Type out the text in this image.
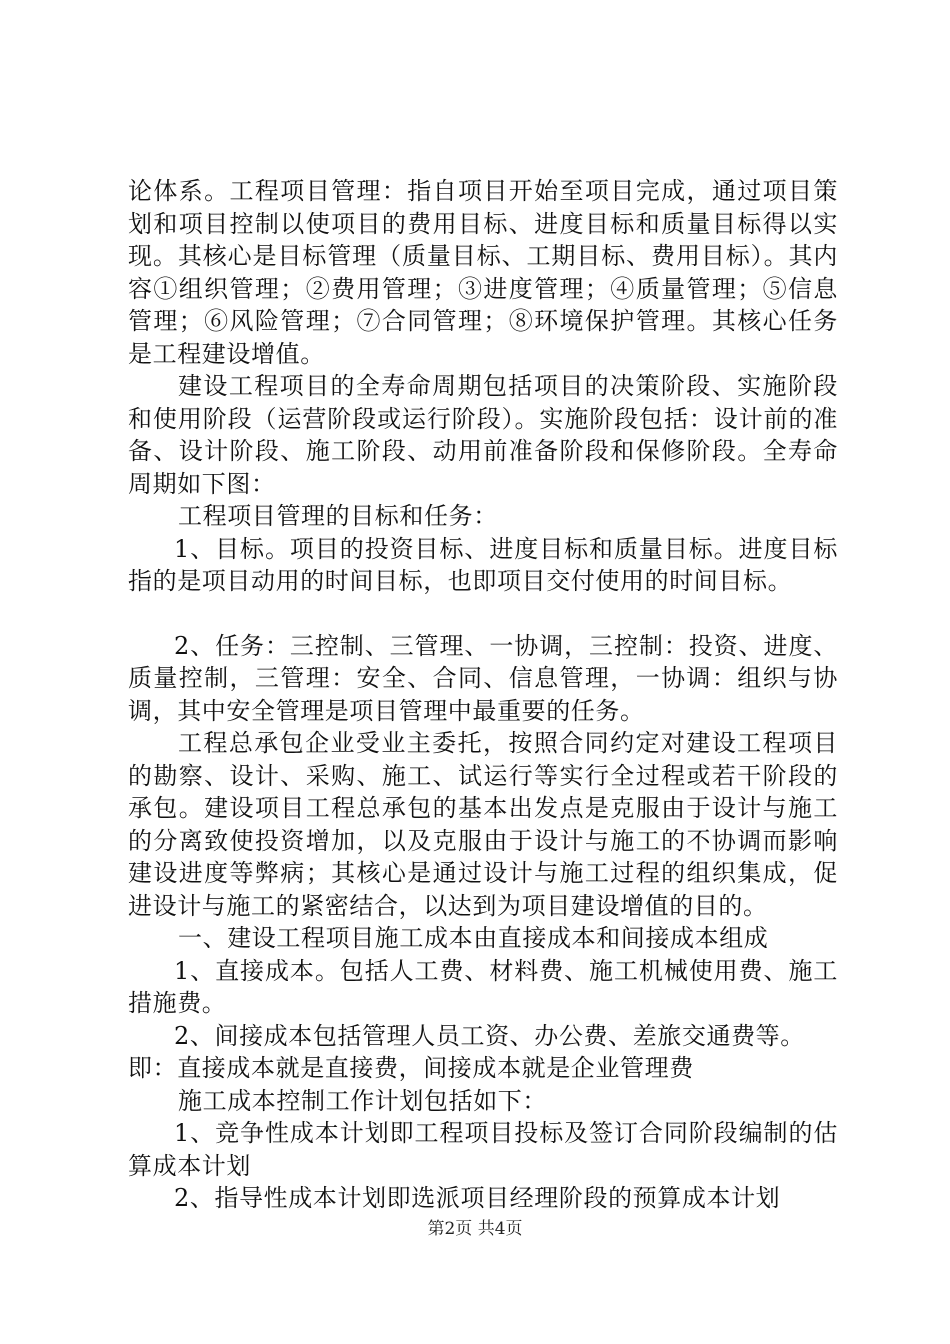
论体系。工程项目管理：指自项目开始至项目完成，通过项目策划和项目控制以使项目的费用目标、进度目标和质量目标得以实现。其核心是目标管理（质量目标、工期目标、费用目标）。其内容①组织管理；②费用管理；③进度管理；④质量管理；⑤信息管理；⑥风险管理；⑦合同管理；⑧环境保护管理。其核心任务是工程建设增值。

建设工程项目的全寿命周期包括项目的决策阶段、实施阶段和使用阶段（运营阶段或运行阶段）。实施阶段包括：设计前的准备、设计阶段、施工阶段、动用前准备阶段和保修阶段。全寿命周期如下图：

工程项目管理的目标和任务：

1、目标。项目的投资目标、进度目标和质量目标。进度目标指的是项目动用的时间目标，也即项目交付使用的时间目标。

2、任务：三控制、三管理、一协调，三控制：投资、进度、质量控制，三管理：安全、合同、信息管理，一协调：组织与协调，其中安全管理是项目管理中最重要的任务。

工程总承包企业受业主委托，按照合同约定对建设工程项目的勘察、设计、采购、施工、试运行等实行全过程或若干阶段的承包。建设项目工程总承包的基本出发点是克服由于设计与施工的分离致使投资增加，以及克服由于设计与施工的不协调而影响建设进度等弊病；其核心是通过设计与施工过程的组织集成，促进设计与施工的紧密结合，以达到为项目建设增值的目的。

一、建设工程项目施工成本由直接成本和间接成本组成

1、直接成本。包括人工费、材料费、施工机械使用费、施工措施费。

2、间接成本包括管理人员工资、办公费、差旅交通费等。

即：直接成本就是直接费，间接成本就是企业管理费

施工成本控制工作计划包括如下：

1、竞争性成本计划即工程项目投标及签订合同阶段编制的估算成本计划

2、指导性成本计划即选派项目经理阶段的预算成本计划

第2页 共4页
